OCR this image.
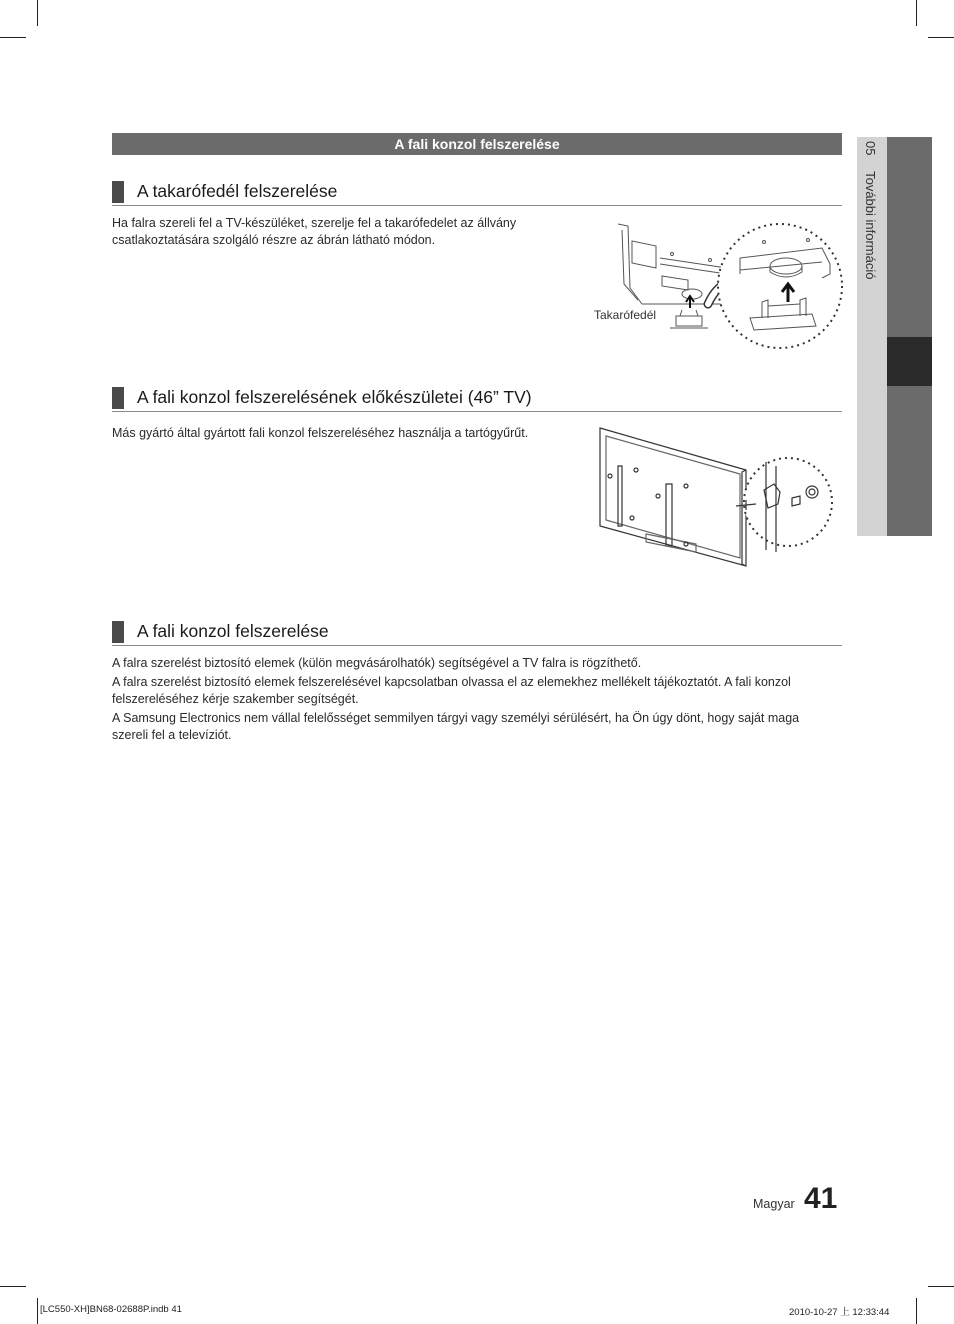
A fali konzol felszerelése	05 További információ
A takarófedél felszerelése

Ha falra szereli fel a TV-készüléket, szerelje fel a takarófedelet az állvány csatlakoztatására szolgáló részre az ábrán látható módon.

Takarófedél
A fali konzol felszerelésének előkészületei (46” TV)

Más gyártó által gyártott fali konzol felszereléséhez használja a tartógyűrűt.

A fali konzol felszerelése

A falra szerelést biztosító elemek (külön megvásárolhatók) segítségével a TV falra is rögzíthető.

A falra szerelést biztosító elemek felszerelésével kapcsolatban olvassa el az elemekhez mellékelt tájékoztatót. A fali konzol felszereléséhez kérje szakember segítségét.

A Samsung Electronics nem vállal felelősséget semmilyen tárgyi vagy személyi sérülésért, ha Ön úgy dönt, hogy saját maga szereli fel a televíziót.

Magyar 41
[LC550-XH]BN68-02688P.indb 41	2010-10-27 上 12:33:44
